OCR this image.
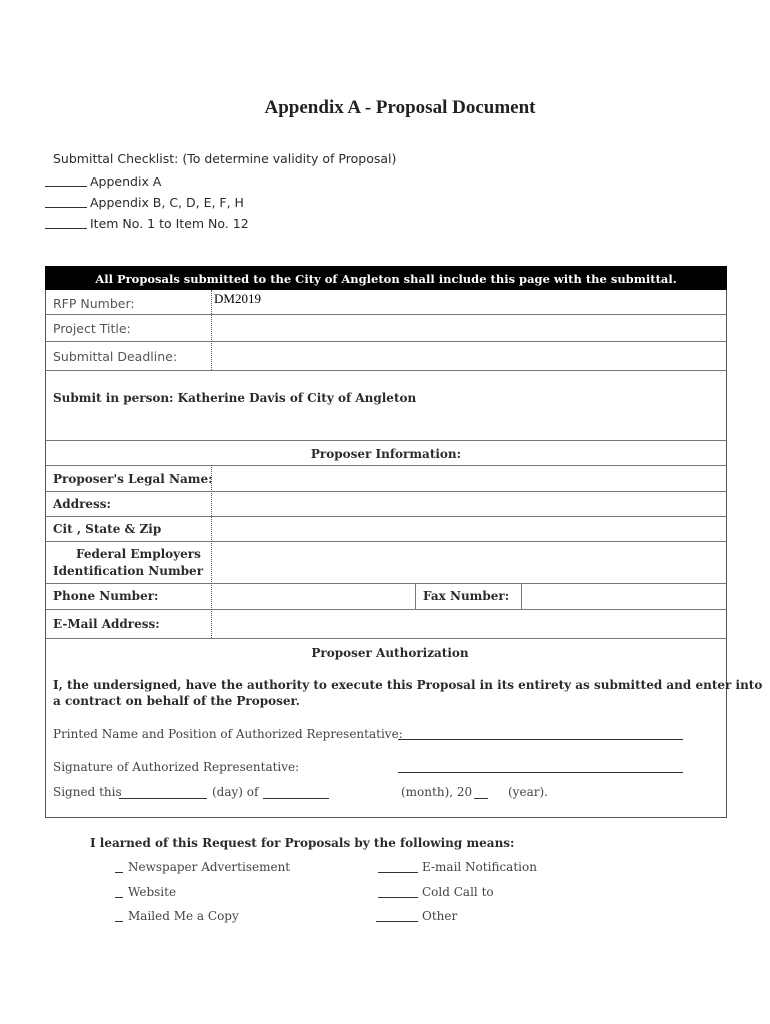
Appendix A - Proposal Document
Submittal Checklist: (To determine validity of Proposal)
Appendix A
Appendix B, C, D, E, F, H
Item No. 1 to Item No. 12
All Proposals submitted to the City of Angleton shall include this page with the submittal.
RFP Number:	DM2019
Project Title:
Submittal Deadline:
Submit in person: Katherine Davis of City of Angleton
Proposer Information:
Proposer's Legal Name:
Address:
Cit , State & Zip
Federal Employers
Identification Number
Phone Number:	Fax Number:
E-Mail Address:
Proposer Authorization
I, the undersigned, have the authority to execute this Proposal in its entirety as submitted and enter into
a contract on behalf of the Proposer.
Printed Name and Position of Authorized Representative:
Signature of Authorized Representative:
Signed this	(day) of	(month), 20	(year).
I learned of this Request for Proposals by the following means:
Newspaper Advertisement	E-mail Notification
Website	Cold Call to
Mailed Me a Copy	Other
